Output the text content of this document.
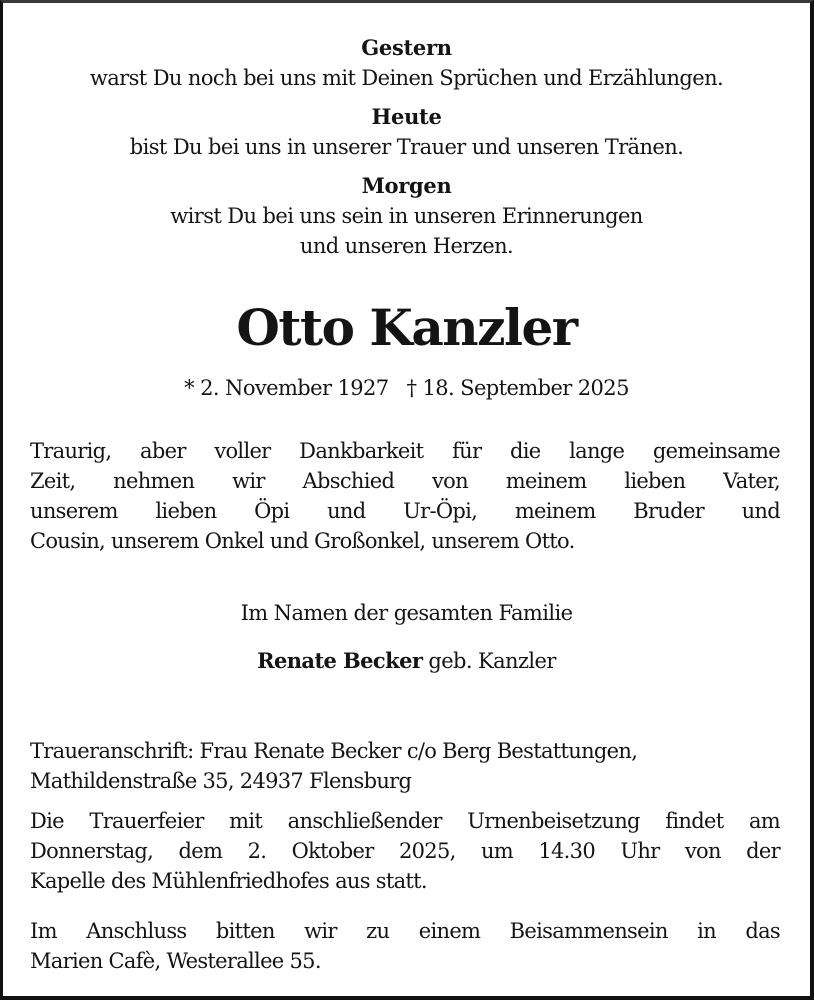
Gestern
warst Du noch bei uns mit Deinen Sprüchen und Erzählungen.
Heute
bist Du bei uns in unserer Trauer und unseren Tränen.
Morgen
wirst Du bei uns sein in unseren Erinnerungen
und unseren Herzen.
Otto Kanzler
* 2. November 1927 † 18. September 2025
Traurig, aber voller Dankbarkeit für die lange gemeinsame
Zeit, nehmen wir Abschied von meinem lieben Vater,
unserem lieben Öpi und Ur-Öpi, meinem Bruder und
Cousin, unserem Onkel und Großonkel, unserem Otto.
Im Namen der gesamten Familie
Renate Becker geb. Kanzler
Traueranschrift: Frau Renate Becker c/o Berg Bestattungen,
Mathildenstraße 35, 24937 Flensburg
Die Trauerfeier mit anschließender Urnenbeisetzung findet am
Donnerstag, dem 2. Oktober 2025, um 14.30 Uhr von der
Kapelle des Mühlenfriedhofes aus statt.
Im Anschluss bitten wir zu einem Beisammensein in das
Marien Cafè, Westerallee 55.
